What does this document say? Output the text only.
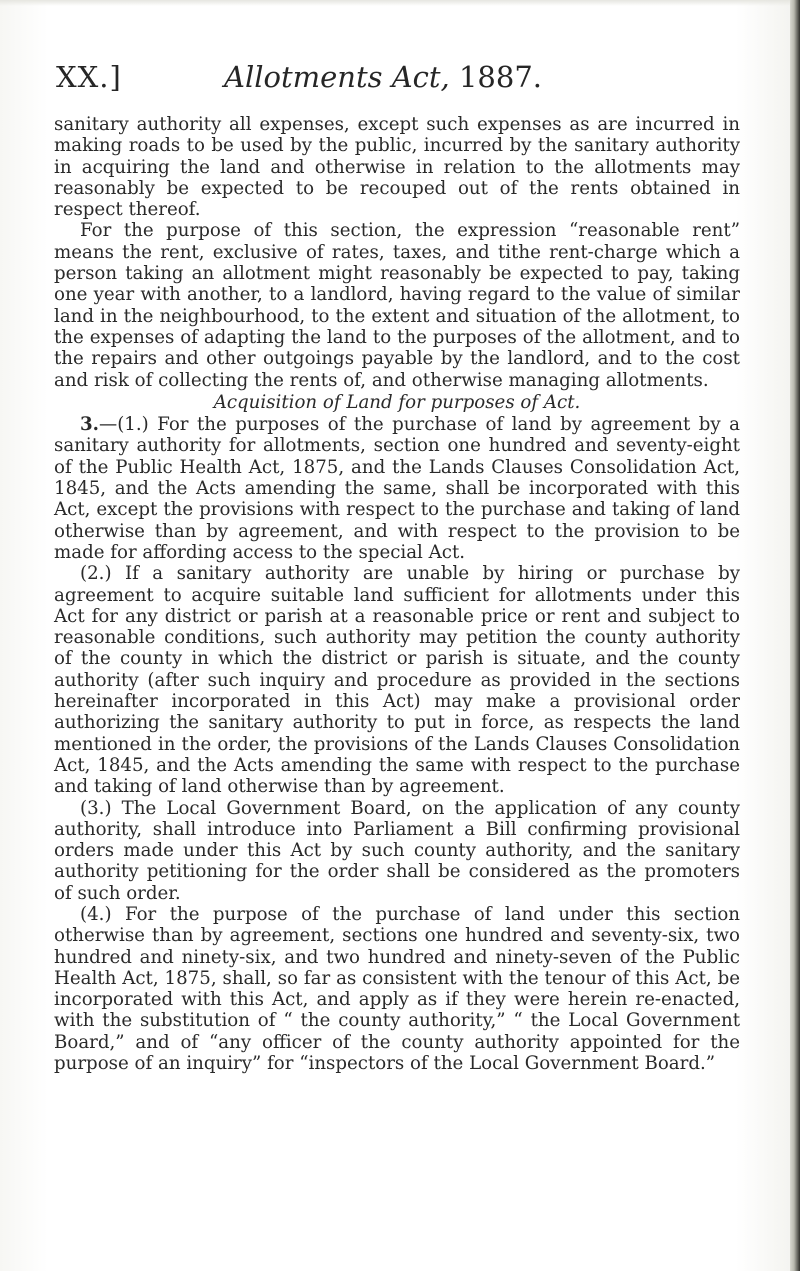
XX.]	Allotments Act, 1887.

sanitary authority all expenses, except such expenses as are incurred in making roads to be used by the public, incurred by the sanitary authority in acquiring the land and otherwise in relation to the allotments may reasonably be expected to be recouped out of the rents obtained in respect thereof.

For the purpose of this section, the expression “reasonable rent” means the rent, exclusive of rates, taxes, and tithe rent-charge which a person taking an allotment might reasonably be expected to pay, taking one year with another, to a landlord, having regard to the value of similar land in the neighbourhood, to the extent and situation of the allotment, to the expenses of adapting the land to the purposes of the allotment, and to the repairs and other outgoings payable by the landlord, and to the cost and risk of collecting the rents of, and otherwise managing allotments.

Acquisition of Land for purposes of Act.

3.—(1.) For the purposes of the purchase of land by agreement by a sanitary authority for allotments, section one hundred and seventy-eight of the Public Health Act, 1875, and the Lands Clauses Consolidation Act, 1845, and the Acts amending the same, shall be incorporated with this Act, except the provisions with respect to the purchase and taking of land otherwise than by agreement, and with respect to the provision to be made for affording access to the special Act.

(2.) If a sanitary authority are unable by hiring or purchase by agreement to acquire suitable land sufficient for allotments under this Act for any district or parish at a reasonable price or rent and subject to reasonable conditions, such authority may petition the county authority of the county in which the district or parish is situate, and the county authority (after such inquiry and procedure as provided in the sections hereinafter incorporated in this Act) may make a provisional order authorizing the sanitary authority to put in force, as respects the land mentioned in the order, the provisions of the Lands Clauses Consolidation Act, 1845, and the Acts amending the same with respect to the purchase and taking of land otherwise than by agreement.

(3.) The Local Government Board, on the application of any county authority, shall introduce into Parliament a Bill confirming provisional orders made under this Act by such county authority, and the sanitary authority petitioning for the order shall be considered as the promoters of such order.

(4.) For the purpose of the purchase of land under this section otherwise than by agreement, sections one hundred and seventy-six, two hundred and ninety-six, and two hundred and ninety-seven of the Public Health Act, 1875, shall, so far as consistent with the tenour of this Act, be incorporated with this Act, and apply as if they were herein re-enacted, with the substitution of “ the county authority,” “ the Local Government Board,” and of “any officer of the county authority appointed for the purpose of an inquiry” for “inspectors of the Local Government Board.”
